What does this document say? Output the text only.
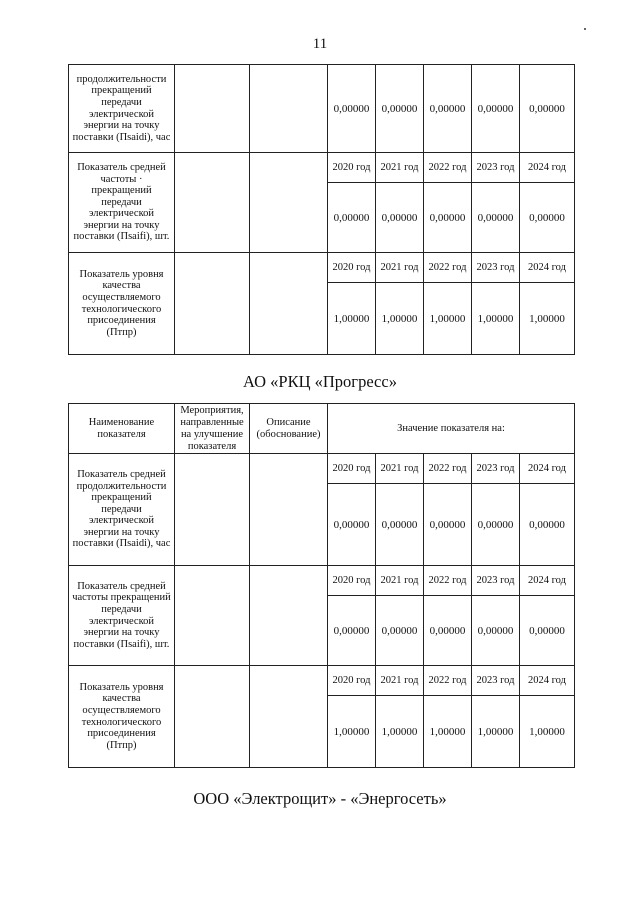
11
продолжительности прекращений передачи электрической энергии на точку поставки (Пsaidi), час			0,00000	0,00000	0,00000	0,00000	0,00000
Показатель средней частоты · прекращений передачи электрической энергии на точку поставки (Пsaifi), шт.			2020 год	2021 год	2022 год	2023 год	2024 год
			0,00000	0,00000	0,00000	0,00000	0,00000
Показатель уровня качества осуществляемого технологического присоединения (Птпр)			2020 год	2021 год	2022 год	2023 год	2024 год
			1,00000	1,00000	1,00000	1,00000	1,00000
АО «РКЦ «Прогресс»
Наименование показателя	Мероприятия, направленные на улучшение показателя	Описание (обоснование)	Значение показателя на:				
Показатель средней продолжительности прекращений передачи электрической энергии на точку поставки (Пsaidi), час			2020 год	2021 год	2022 год	2023 год	2024 год
			0,00000	0,00000	0,00000	0,00000	0,00000
Показатель средней частоты прекращений передачи электрической энергии на точку поставки (Пsaifi), шт.			2020 год	2021 год	2022 год	2023 год	2024 год
			0,00000	0,00000	0,00000	0,00000	0,00000
Показатель уровня качества осуществляемого технологического присоединения (Птпр)			2020 год	2021 год	2022 год	2023 год	2024 год
			1,00000	1,00000	1,00000	1,00000	1,00000
ООО «Электрощит» - «Энергосеть»
